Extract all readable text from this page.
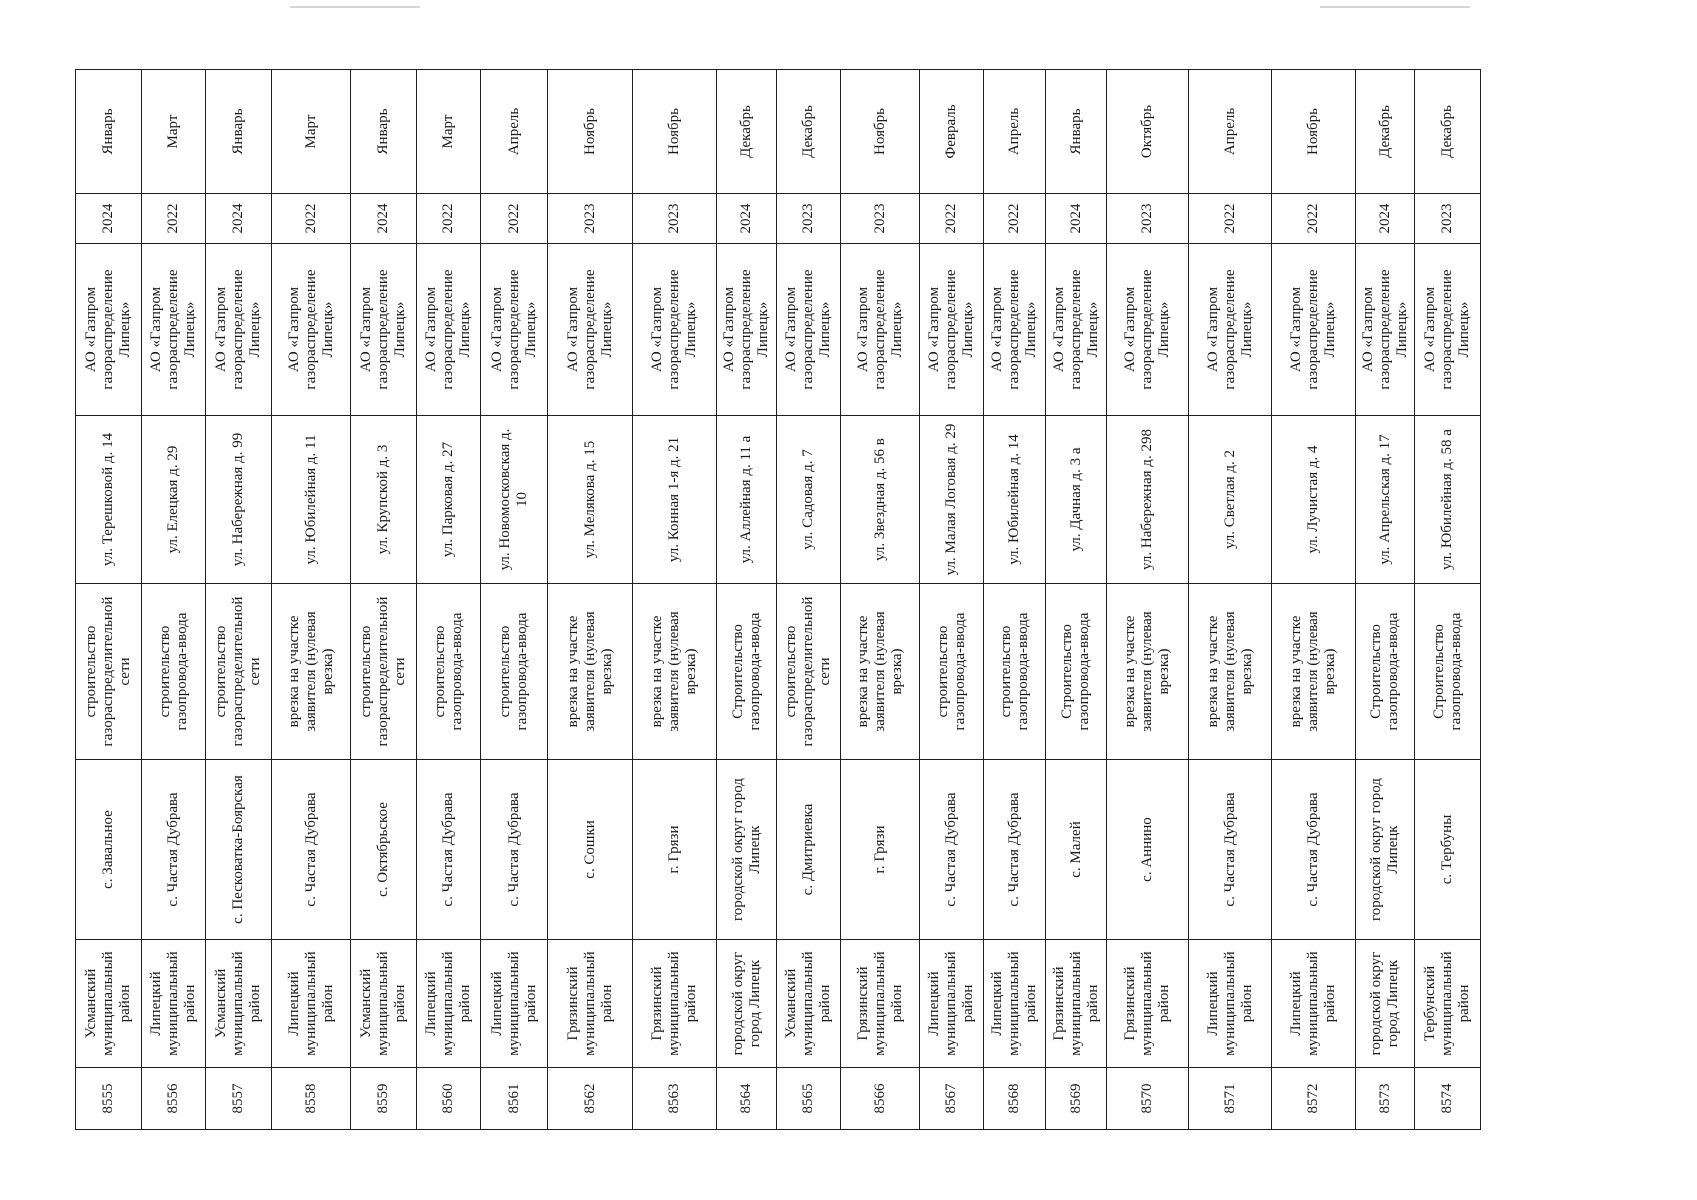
8555	Усманский муниципальный район	с. Завальное	строительство газораспределительной сети	ул. Терешковой д. 14	АО «Газпром газораспределение Липецк»	2024	Январь
8556	Липецкий муниципальный район	с. Частая Дубрава	строительство газопровода-ввода	ул. Елецкая д. 29	АО «Газпром газораспределение Липецк»	2022	Март
8557	Усманский муниципальный район	с. Песковатка-Боярская	строительство газораспределительной сети	ул. Набережная д. 99	АО «Газпром газораспределение Липецк»	2024	Январь
8558	Липецкий муниципальный район	с. Частая Дубрава	врезка на участке заявителя (нулевая врезка)	ул. Юбилейная д. 11	АО «Газпром газораспределение Липецк»	2022	Март
8559	Усманский муниципальный район	с. Октябрьское	строительство газораспределительной сети	ул. Крупской д. 3	АО «Газпром газораспределение Липецк»	2024	Январь
8560	Липецкий муниципальный район	с. Частая Дубрава	строительство газопровода-ввода	ул. Парковая д. 27	АО «Газпром газораспределение Липецк»	2022	Март
8561	Липецкий муниципальный район	с. Частая Дубрава	строительство газопровода-ввода	ул. Новомосковская д. 10	АО «Газпром газораспределение Липецк»	2022	Апрель
8562	Грязинский муниципальный район	с. Сошки	врезка на участке заявителя (нулевая врезка)	ул. Мелякова д. 15	АО «Газпром газораспределение Липецк»	2023	Ноябрь
8563	Грязинский муниципальный район	г. Грязи	врезка на участке заявителя (нулевая врезка)	ул. Конная 1-я д. 21	АО «Газпром газораспределение Липецк»	2023	Ноябрь
8564	городской округ город Липецк	городской округ город Липецк	Строительство газопровода-ввода	ул. Аллейная д. 11 а	АО «Газпром газораспределение Липецк»	2024	Декабрь
8565	Усманский муниципальный район	с. Дмитриевка	строительство газораспределительной сети	ул. Садовая д. 7	АО «Газпром газораспределение Липецк»	2023	Декабрь
8566	Грязинский муниципальный район	г. Грязи	врезка на участке заявителя (нулевая врезка)	ул. Звездная д. 56 в	АО «Газпром газораспределение Липецк»	2023	Ноябрь
8567	Липецкий муниципальный район	с. Частая Дубрава	строительство газопровода-ввода	ул. Малая Логовая д. 29	АО «Газпром газораспределение Липецк»	2022	Февраль
8568	Липецкий муниципальный район	с. Частая Дубрава	строительство газопровода-ввода	ул. Юбилейная д. 14	АО «Газпром газораспределение Липецк»	2022	Апрель
8569	Грязинский муниципальный район	с. Малей	Строительство газопровода-ввода	ул. Дачная д. 3 а	АО «Газпром газораспределение Липецк»	2024	Январь
8570	Грязинский муниципальный район	с. Аннино	врезка на участке заявителя (нулевая врезка)	ул. Набережная д. 298	АО «Газпром газораспределение Липецк»	2023	Октябрь
8571	Липецкий муниципальный район	с. Частая Дубрава	врезка на участке заявителя (нулевая врезка)	ул. Светлая д. 2	АО «Газпром газораспределение Липецк»	2022	Апрель
8572	Липецкий муниципальный район	с. Частая Дубрава	врезка на участке заявителя (нулевая врезка)	ул. Лучистая д. 4	АО «Газпром газораспределение Липецк»	2022	Ноябрь
8573	городской округ город Липецк	городской округ город Липецк	Строительство газопровода-ввода	ул. Апрельская д. 17	АО «Газпром газораспределение Липецк»	2024	Декабрь
8574	Тербунский муниципальный район	с. Тербуны	Строительство газопровода-ввода	ул. Юбилейная д. 58 а	АО «Газпром газораспределение Липецк»	2023	Декабрь
